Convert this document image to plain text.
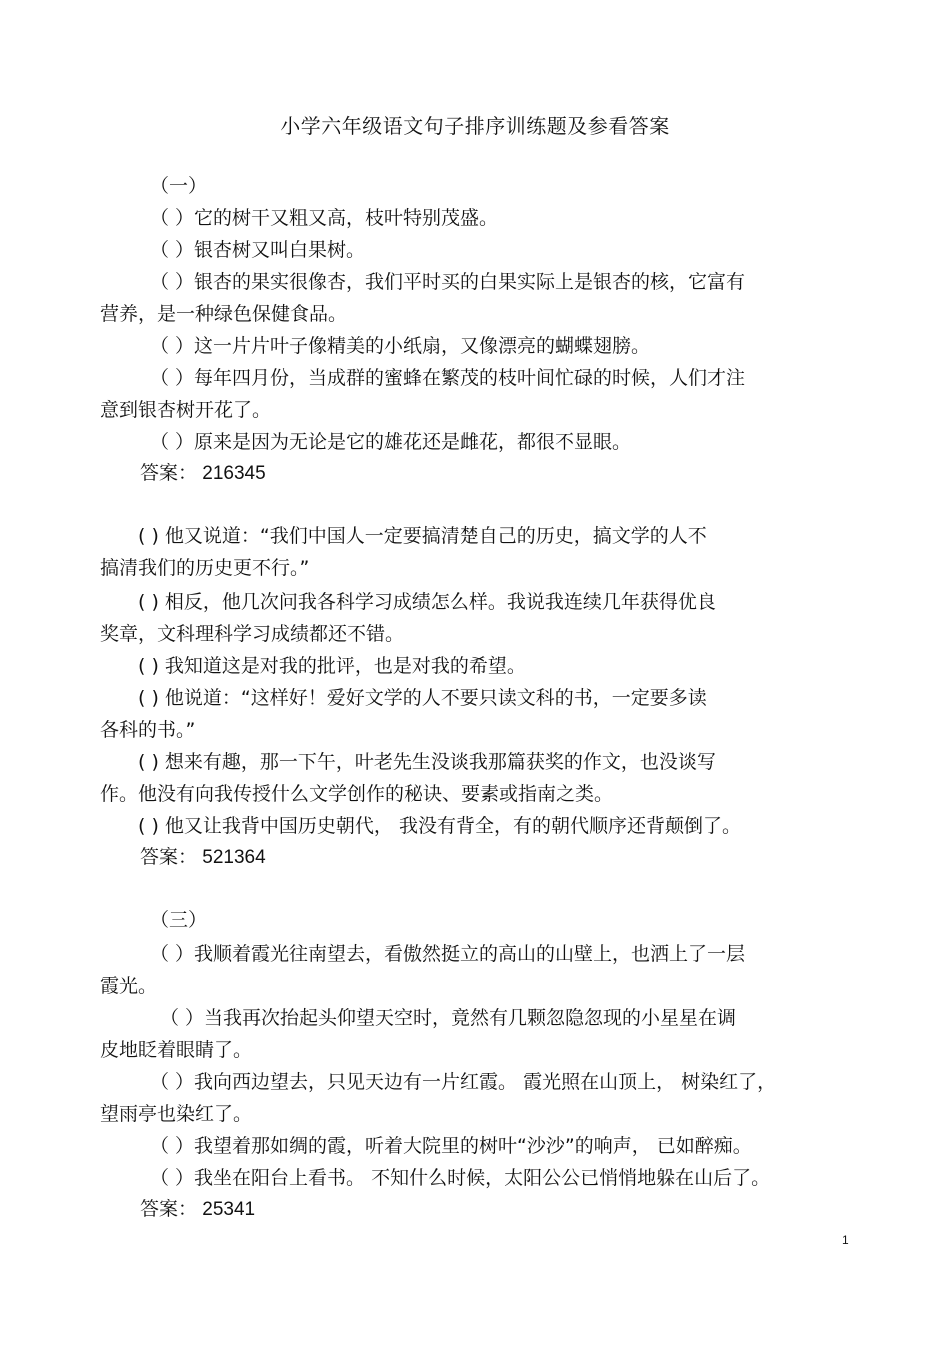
小学六年级语文句子排序训练题及参看答案
（一）
（ ）它的树干又粗又高，枝叶特别茂盛。
（ ）银杏树又叫白果树。
（ ）银杏的果实很像杏，我们平时买的白果实际上是银杏的核，它富有
营养，是一种绿色保健食品。
（ ）这一片片叶子像精美的小纸扇，又像漂亮的蝴蝶翅膀。
（ ）每年四月份，当成群的蜜蜂在繁茂的枝叶间忙碌的时候，人们才注
意到银杏树开花了。
（ ）原来是因为无论是它的雄花还是雌花，都很不显眼。
答案： 216345
( ) 他又说道：“我们中国人一定要搞清楚自己的历史，搞文学的人不
搞清我们的历史更不行。”
( ) 相反，他几次问我各科学习成绩怎么样。我说我连续几年获得优良
奖章，文科理科学习成绩都还不错。
( ) 我知道这是对我的批评，也是对我的希望。
( ) 他说道：“这样好！爱好文学的人不要只读文科的书，一定要多读
各科的书。”
( ) 想来有趣，那一下午，叶老先生没谈我那篇获奖的作文，也没谈写
作。他没有向我传授什么文学创作的秘诀、要素或指南之类。
( ) 他又让我背中国历史朝代， 我没有背全，有的朝代顺序还背颠倒了。
答案： 521364
（三）
（ ）我顺着霞光往南望去，看傲然挺立的高山的山壁上，也洒上了一层
霞光。
（ ）当我再次抬起头仰望天空时，竟然有几颗忽隐忽现的小星星在调
皮地眨着眼睛了。
（ ）我向西边望去，只见天边有一片红霞。 霞光照在山顶上， 树染红了，
望雨亭也染红了。
（ ）我望着那如绸的霞，听着大院里的树叶“沙沙”的响声， 已如醉痴。
（ ）我坐在阳台上看书。 不知什么时候，太阳公公已悄悄地躲在山后了。
答案： 25341
1
